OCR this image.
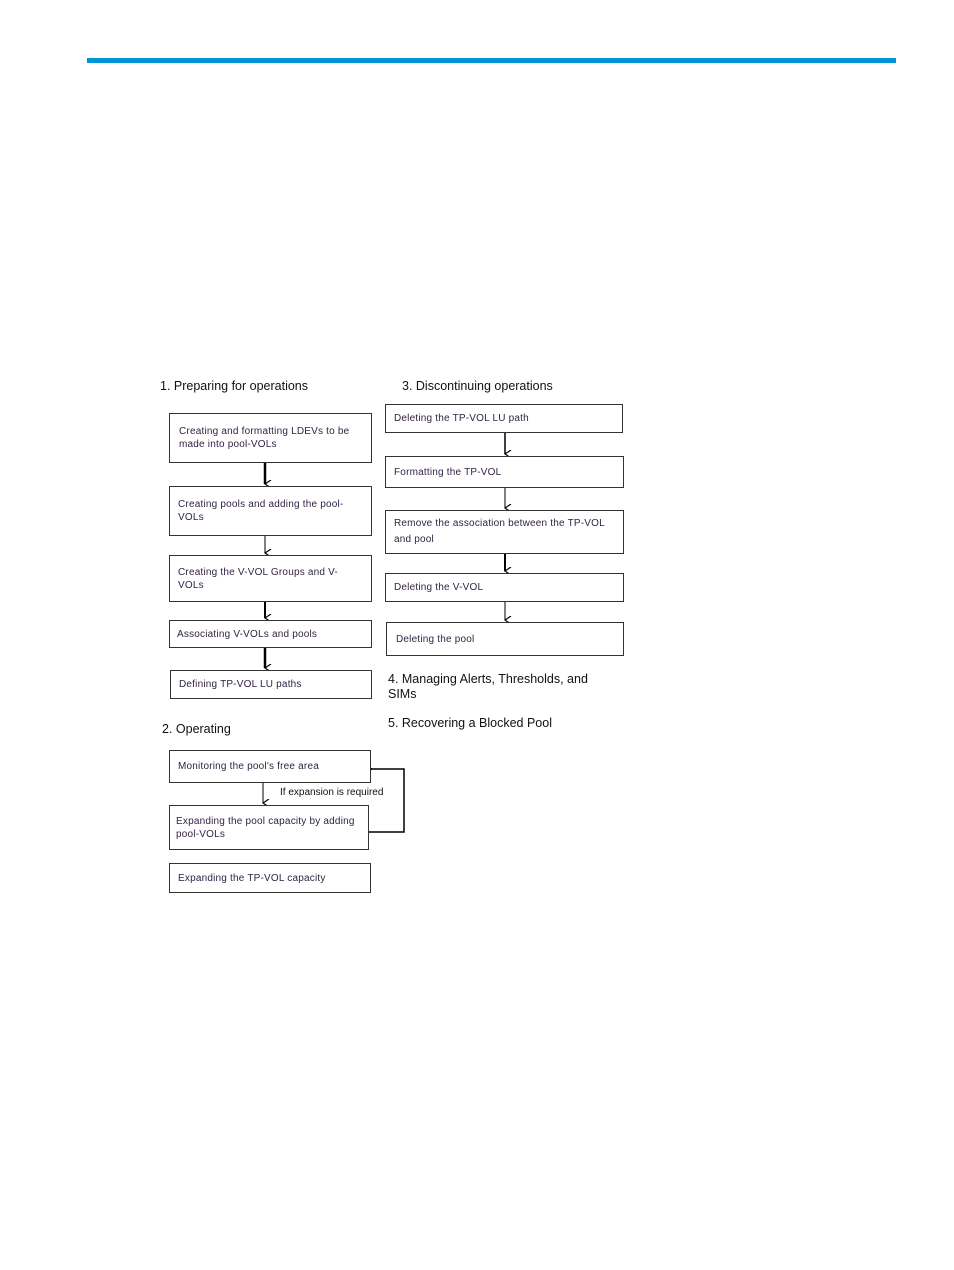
1. Preparing for operations
Creating and formatting LDEVs to be made into pool-VOLs
Creating pools and adding the pool-VOLs
Creating the V-VOL Groups and V-VOLs
Associating V-VOLs and pools
Defining TP-VOL LU paths
2. Operating
Monitoring the pool's free area
If expansion is required
Expanding the pool capacity by adding pool-VOLs
Expanding the TP-VOL capacity
3. Discontinuing operations
Deleting the TP-VOL LU path
Formatting the TP-VOL
Remove the association between the TP-VOL and pool
Deleting the V-VOL
Deleting the pool
4. Managing Alerts, Thresholds, and SIMs
5. Recovering a Blocked Pool
